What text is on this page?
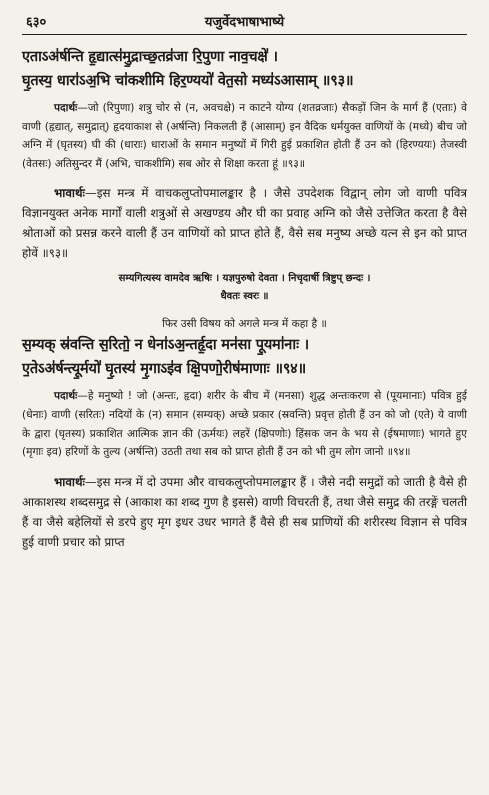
६३०	यजुर्वेदभाषाभाष्ये

एताऽअ॑र्षन्ति हृ॒द्यात्स॑मु॒द्राच्छ॒तव्र॑जा रि॒पुणा नाव॒चक्षे॑ ।

घृ॒तस्य॒ धारा॑ऽअ॒भि चा॑कशीमि हिर॒ण्ययो॑ वेत॒सो मध्य॑ऽआसाम् ॥९३॥

पदार्थः—जो (रिपुणा) शत्रु चोर से (न, अवचक्षे) न काटने योग्य (शतव्रजाः) सैकड़ों जिन के मार्ग हैं (एताः) वे वाणी (हृद्यात्, समुद्रात्) हृदयाकाश से (अर्षन्ति) निकलती हैं (आसाम्) इन वैदिक धर्मयुक्त वाणियों के (मध्ये) बीच जो अग्नि में (घृतस्य) घी की (धाराः) धाराओं के समान मनुष्यों में गिरी हुई प्रकाशित होती हैं उन को (हिरण्ययः) तेजस्वी (वेतसः) अतिसुन्दर मैं (अभि, चाकशीमि) सब ओर से शिक्षा करता हूं ॥९३॥

भावार्थः—इस मन्त्र में वाचकलुप्तोपमालङ्कार है । जैसे उपदेशक विद्वान् लोग जो वाणी पवित्र विज्ञानयुक्त अनेक मार्गों वाली शत्रुओं से अखण्डय और घी का प्रवाह अग्नि को जैसे उत्तेजित करता है वैसे श्रोताओं को प्रसन्न करने वाली हैं उन वाणियों को प्राप्त होते हैं, वैसे सब मनुष्य अच्छे यत्न से इन को प्राप्त होवें ॥९३॥

सम्यगित्यस्य वामदेव ऋषिः । यज्ञपुरुषो देवता । निचृदार्षी त्रिष्टुप् छन्दः ।

धैवतः स्वरः ॥

फिर उसी विषय को अगले मन्त्र में कहा है ॥

स॒म्यक् स्र॑वन्ति स॒रितो॒ न धेना॑ऽअ॒न्तर्हृ॒दा मन॑सा पू॒यमा॑नाः ।

ए॒तेऽअ॑र्षन्त्यू॒र्मयो॑ घृ॒तस्य॑ मृ॒गाऽइ॑व क्षि॒पणो॒रीष॑माणाः ॥९४॥

पदार्थः—हे मनुष्यो ! जो (अन्तः, हृदा) शरीर के बीच में (मनसा) शुद्ध अन्तःकरण से (पूयमानाः) पवित्र हुई (धेनाः) वाणी (सरितः) नदियों के (न) समान (सम्यक्) अच्छे प्रकार (स्रवन्ति) प्रवृत्त होती हैं उन को जो (एते) ये वाणी के द्वारा (घृतस्य) प्रकाशित आत्मिक ज्ञान की (ऊर्मयः) लहरें (क्षिपणोः) हिंसक जन के भय से (ईषमाणाः) भागते हुए (मृगाः इव) हरिणों के तुल्य (अर्षन्ति) उठती तथा सब को प्राप्त होती हैं उन को भी तुम लोग जानो ॥९४॥

भावार्थः—इस मन्त्र में दो उपमा और वाचकलुप्तोपमालङ्कार हैं । जैसे नदी समुद्रों को जाती है वैसे ही आकाशस्थ शब्दसमुद्र से (आकाश का शब्द गुण है इससे) वाणी विचरती हैं, तथा जैसे समुद्र की तरङ्गें चलती हैं वा जैसे बहेलियों से डरपे हुए मृग इधर उधर भागते हैं वैसे ही सब प्राणियों की शरीरस्थ विज्ञान से पवित्र हुई वाणी प्रचार को प्राप्त
